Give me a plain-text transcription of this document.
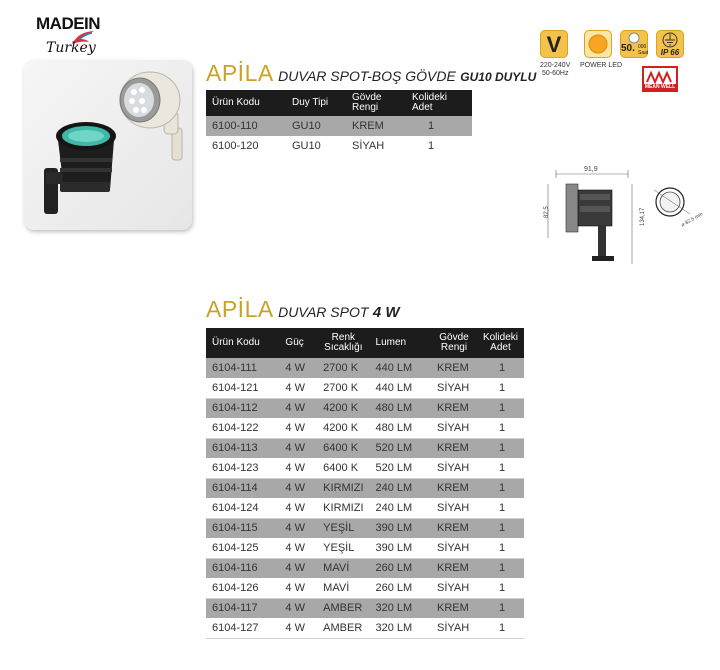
MADEIN
Turkey
APİLA DUVAR SPOT-BOŞ GÖVDE GU10 DUYLU
Ürün Kodu	Duy Tipi	Gövde Rengi	Kolideki Adet
6100-110	GU10	KREM	1
6100-120	GU10	SİYAH	1
V
220-240V
50-60Hz
POWER LED
50. 000
Saat	IP 66
MEAN WELL
91,9
82,5	134,17	ø 82,5 mm
APİLA DUVAR SPOT 4 W
Ürün Kodu	Güç	Renk Sıcaklığı	Lumen	Gövde Rengi	Kolideki Adet
6104-111	4 W	2700 K	440 LM	KREM	1
6104-121	4 W	2700 K	440 LM	SİYAH	1
6104-112	4 W	4200 K	480 LM	KREM	1
6104-122	4 W	4200 K	480 LM	SİYAH	1
6104-113	4 W	6400 K	520 LM	KREM	1
6104-123	4 W	6400 K	520 LM	SİYAH	1
6104-114	4 W	KIRMIZI	240 LM	KREM	1
6104-124	4 W	KIRMIZI	240 LM	SİYAH	1
6104-115	4 W	YEŞİL	390 LM	KREM	1
6104-125	4 W	YEŞİL	390 LM	SİYAH	1
6104-116	4 W	MAVİ	260 LM	KREM	1
6104-126	4 W	MAVİ	260 LM	SİYAH	1
6104-117	4 W	AMBER	320 LM	KREM	1
6104-127	4 W	AMBER	320 LM	SİYAH	1
